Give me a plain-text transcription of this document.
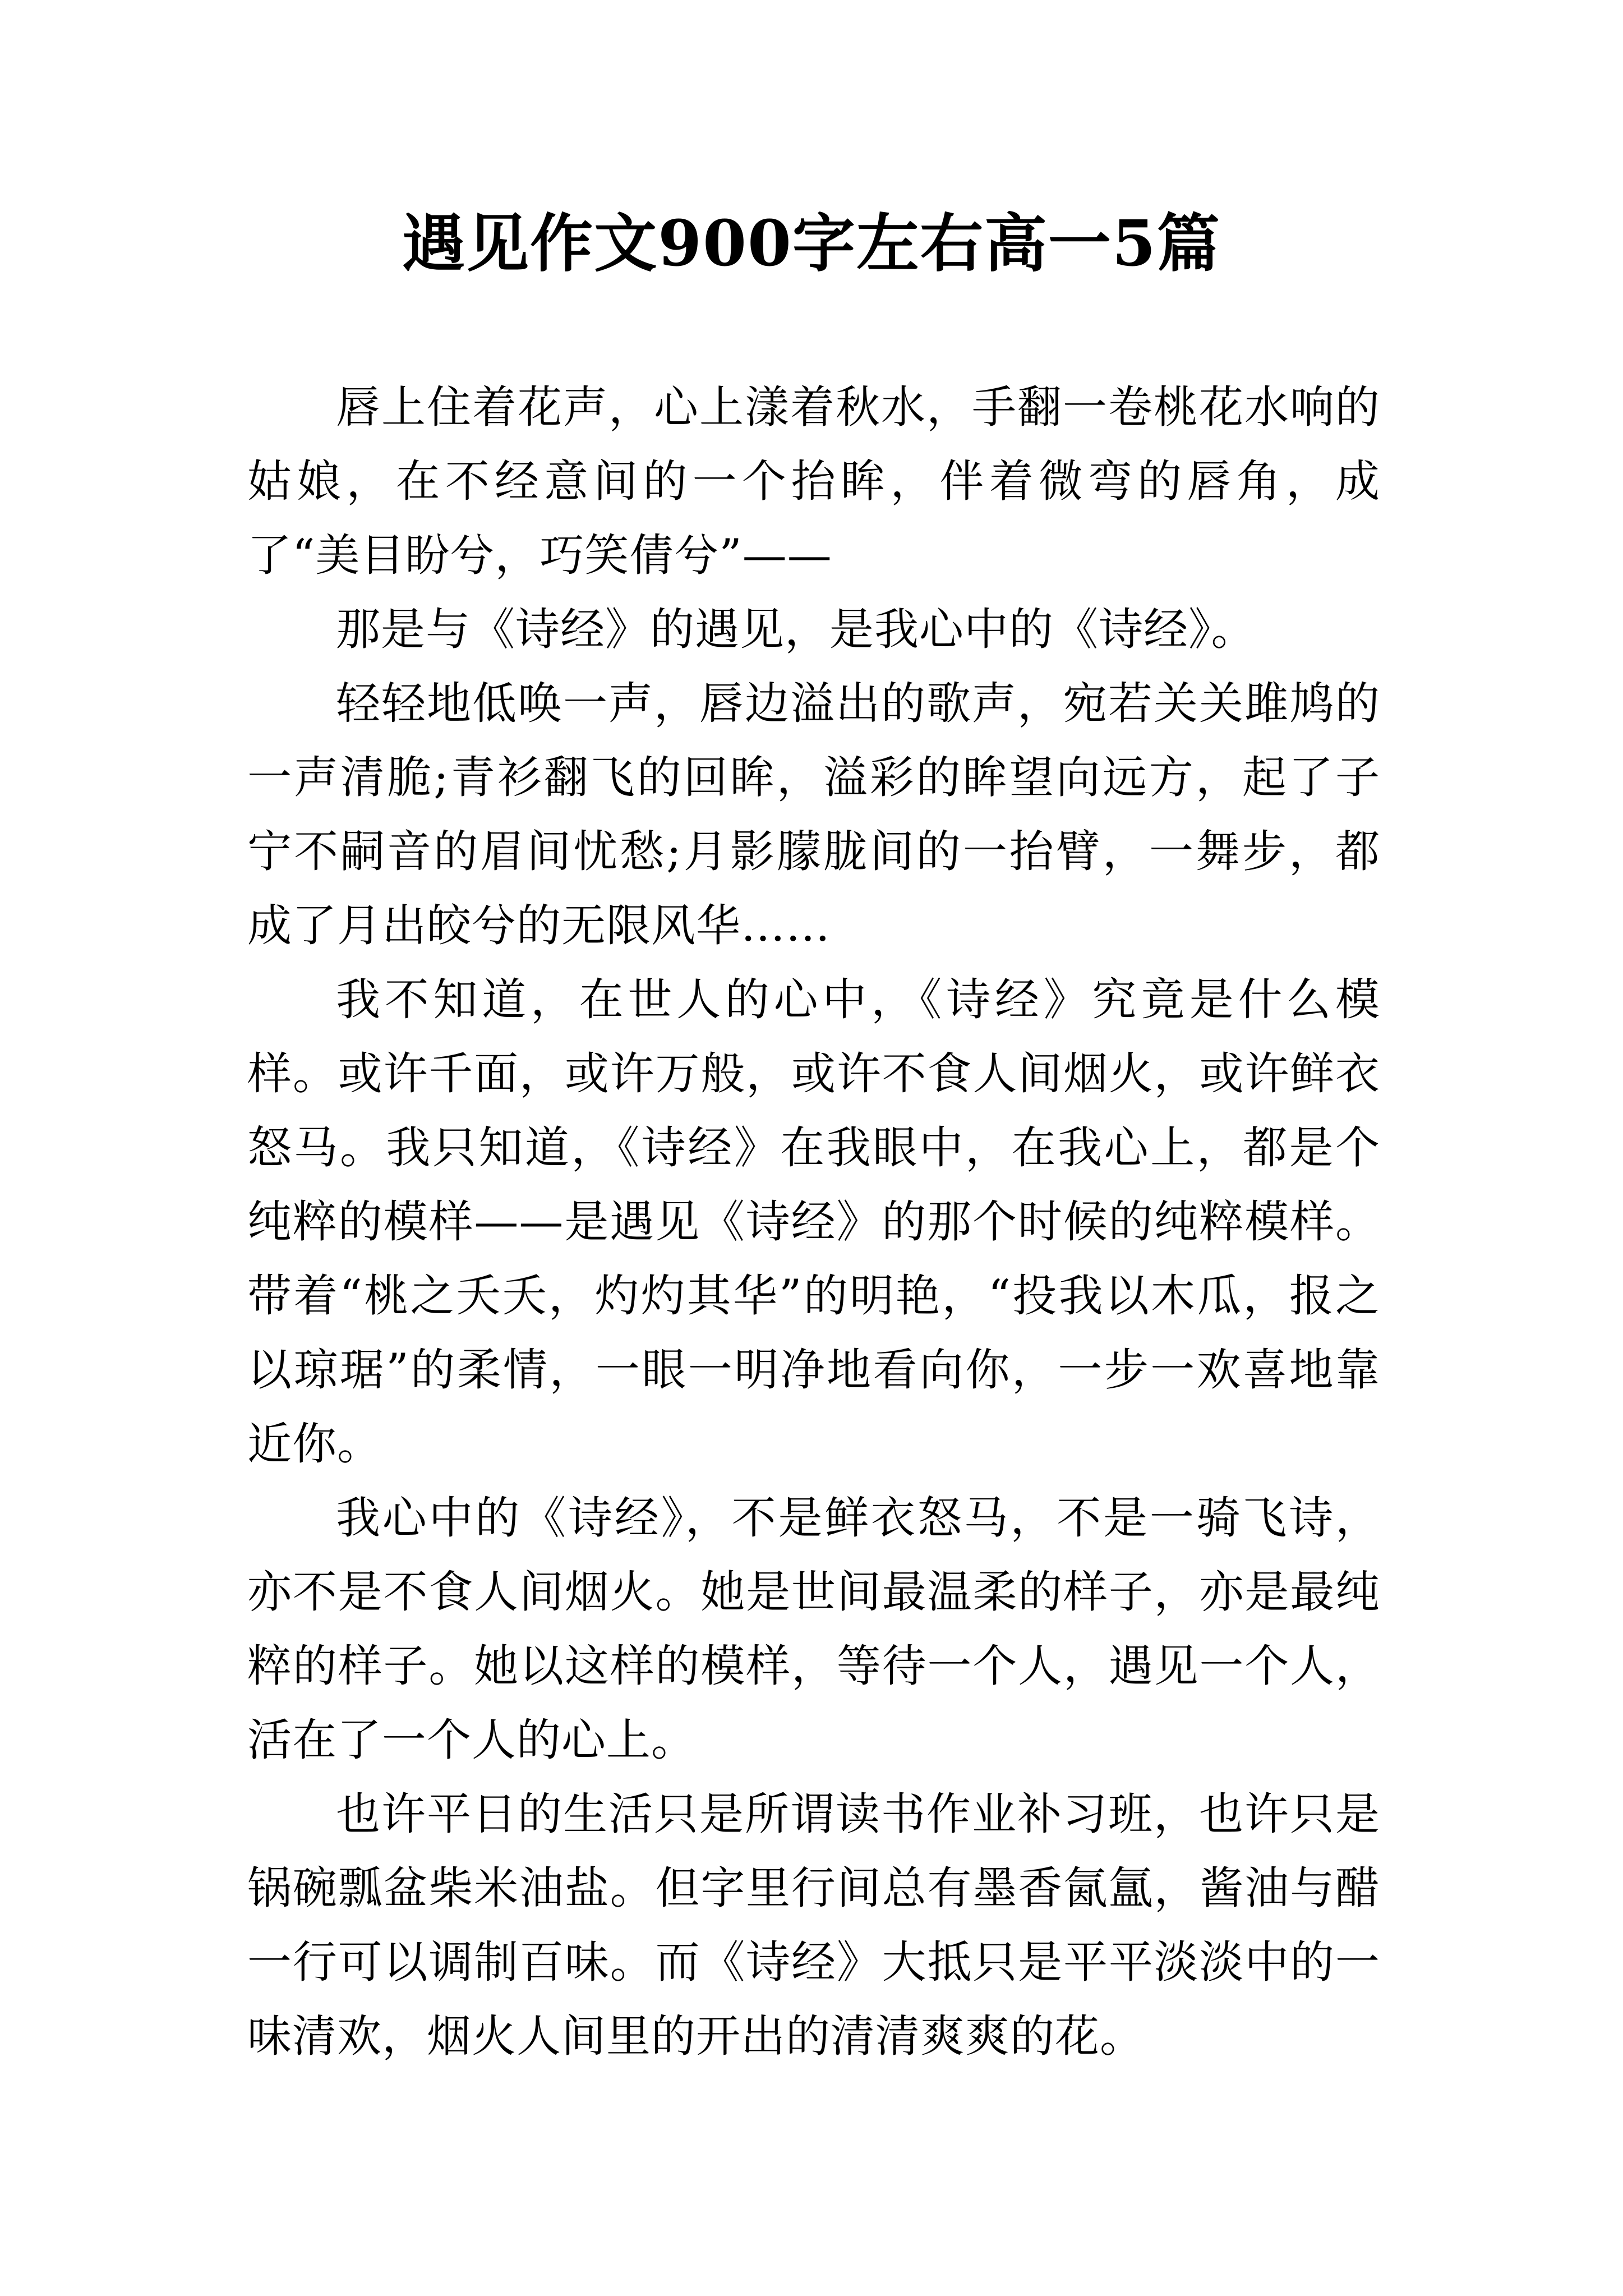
遇见作文900字左右高一5篇

唇上住着花声，心上漾着秋水，手翻一卷桃花水响的姑娘，在不经意间的一个抬眸，伴着微弯的唇角，成了“美目盼兮，巧笑倩兮”——

那是与《诗经》的遇见，是我心中的《诗经》。

轻轻地低唤一声，唇边溢出的歌声，宛若关关雎鸠的一声清脆;青衫翻飞的回眸，溢彩的眸望向远方，起了子宁不嗣音的眉间忧愁;月影朦胧间的一抬臂，一舞步，都成了月出皎兮的无限风华……

我不知道，在世人的心中，《诗经》究竟是什么模样。或许千面，或许万般，或许不食人间烟火，或许鲜衣怒马。我只知道，《诗经》在我眼中，在我心上，都是个纯粹的模样——是遇见《诗经》的那个时候的纯粹模样。带着“桃之夭夭，灼灼其华”的明艳，“投我以木瓜，报之以琼琚”的柔情，一眼一明净地看向你，一步一欢喜地靠近你。

我心中的《诗经》，不是鲜衣怒马，不是一骑飞诗，亦不是不食人间烟火。她是世间最温柔的样子，亦是最纯粹的样子。她以这样的模样，等待一个人，遇见一个人，活在了一个人的心上。

也许平日的生活只是所谓读书作业补习班，也许只是锅碗瓢盆柴米油盐。但字里行间总有墨香氤氲，酱油与醋一行可以调制百味。而《诗经》大抵只是平平淡淡中的一味清欢，烟火人间里的开出的清清爽爽的花。
